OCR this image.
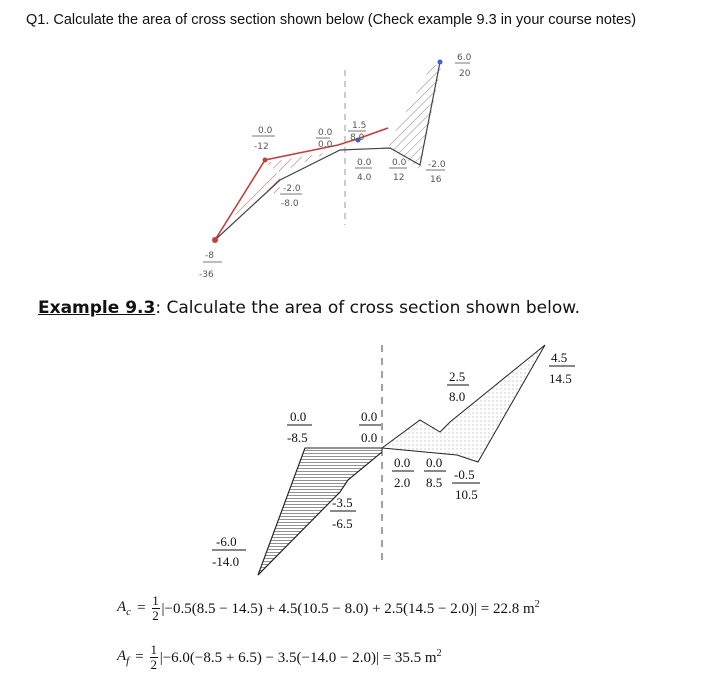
Q1. Calculate the area of cross section shown below (Check example 9.3 in your course notes)
6.0
20
0.0
-12
0.0
0.0
1.5
8.0
0.0
4.0
0.0
12
-2.0
16
-2.0
-8.0
-8
-36
Example 9.3: Calculate the area of cross section shown below.
4.5
14.5
2.5
8.0
0.0
-8.5
0.0
0.0
0.0
2.0
0.0
8.5
-0.5
10.5
-3.5
-6.5
-6.0
-14.0
$A_c = 1$
2 |−0.5(8.5 − 14.5) + 4.5(10.5 − 8.0) + 2.5(14.5 − 2.0)| = 22.8 $m^2$
$A_f = 1$
2 |−6.0(−8.5 + 6.5) − 3.5(−14.0 − 2.0)| = 35.5 $m^2$
